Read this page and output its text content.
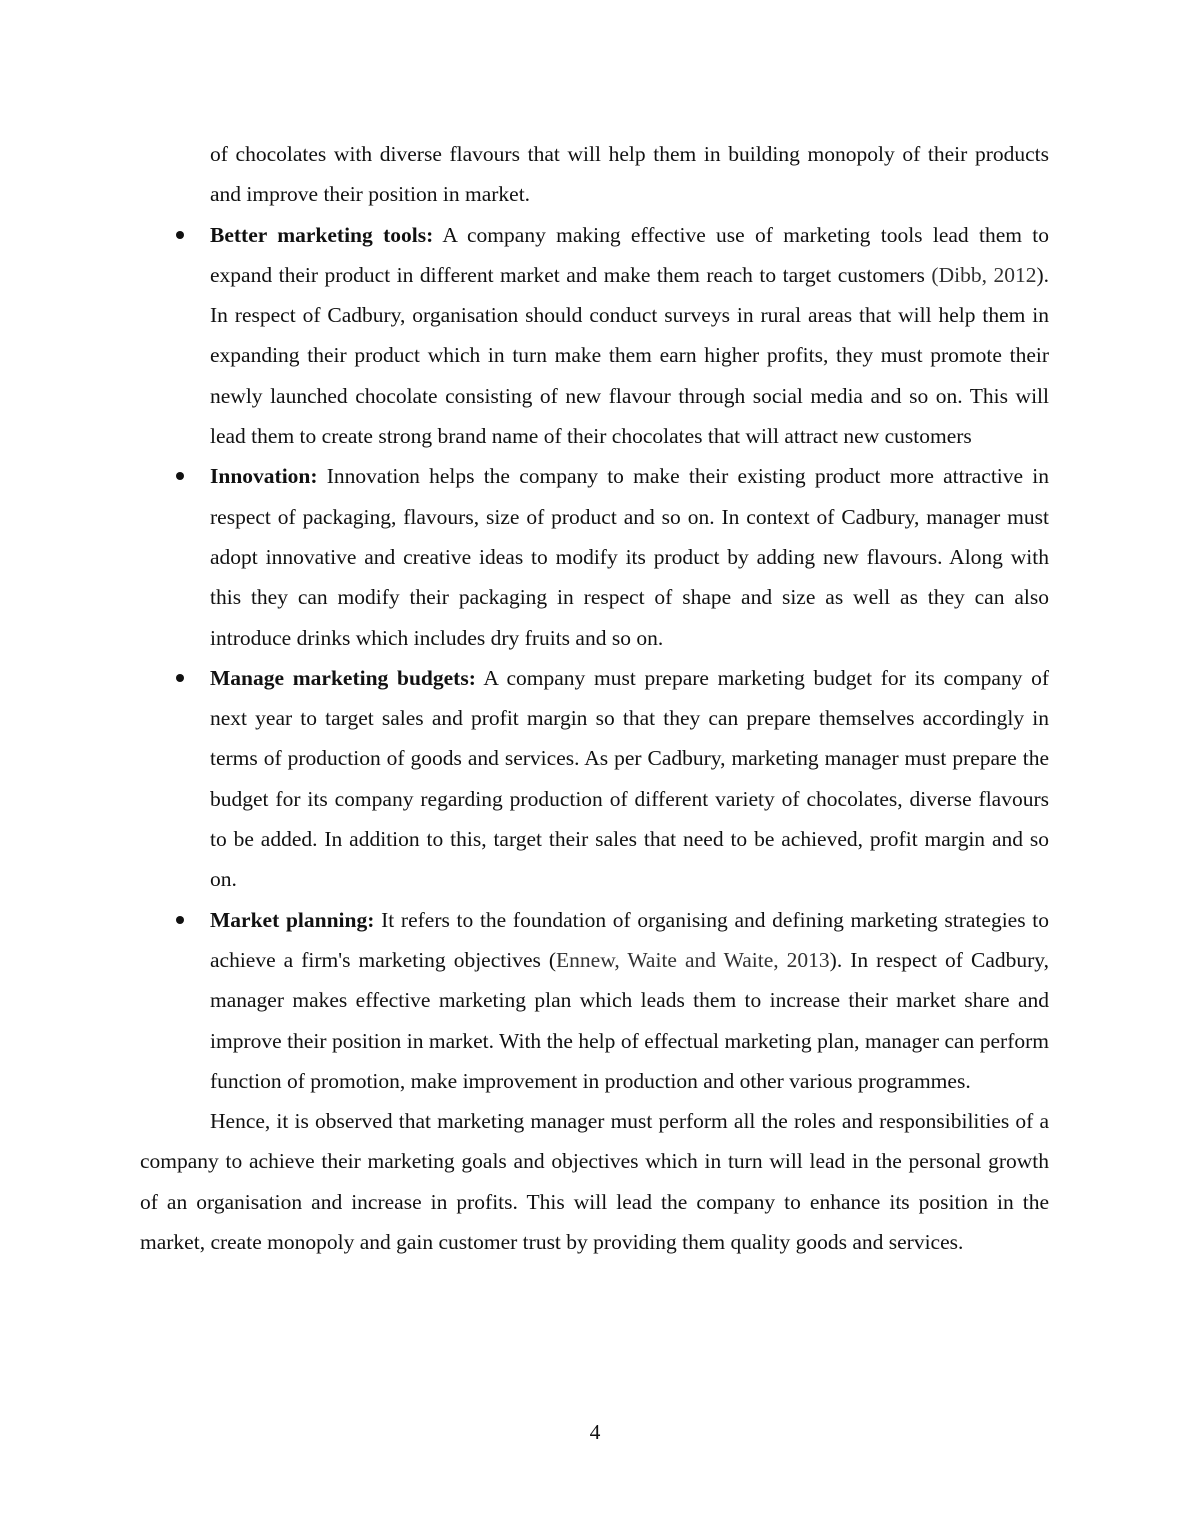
of chocolates with diverse flavours that will help them in building monopoly of their products and improve their position in market.

Better marketing tools: A company making effective use of marketing tools lead them to expand their product in different market and make them reach to target customers (Dibb, 2012). In respect of Cadbury, organisation should conduct surveys in rural areas that will help them in expanding their product which in turn make them earn higher profits, they must promote their newly launched chocolate consisting of new flavour through social media and so on. This will lead them to create strong brand name of their chocolates that will attract new customers
Innovation: Innovation helps the company to make their existing product more attractive in respect of packaging, flavours, size of product and so on. In context of Cadbury, manager must adopt innovative and creative ideas to modify its product by adding new flavours. Along with this they can modify their packaging in respect of shape and size as well as they can also introduce drinks which includes dry fruits and so on.
Manage marketing budgets: A company must prepare marketing budget for its company of next year to target sales and profit margin so that they can prepare themselves accordingly in terms of production of goods and services. As per Cadbury, marketing manager must prepare the budget for its company regarding production of different variety of chocolates, diverse flavours to be added. In addition to this, target their sales that need to be achieved, profit margin and so on.
Market planning: It refers to the foundation of organising and defining marketing strategies to achieve a firm's marketing objectives (Ennew, Waite and Waite, 2013). In respect of Cadbury, manager makes effective marketing plan which leads them to increase their market share and improve their position in market. With the help of effectual marketing plan, manager can perform function of promotion, make improvement in production and other various programmes.

Hence, it is observed that marketing manager must perform all the roles and responsibilities of a company to achieve their marketing goals and objectives which in turn will lead in the personal growth of an organisation and increase in profits. This will lead the company to enhance its position in the market, create monopoly and gain customer trust by providing them quality goods and services.

4
